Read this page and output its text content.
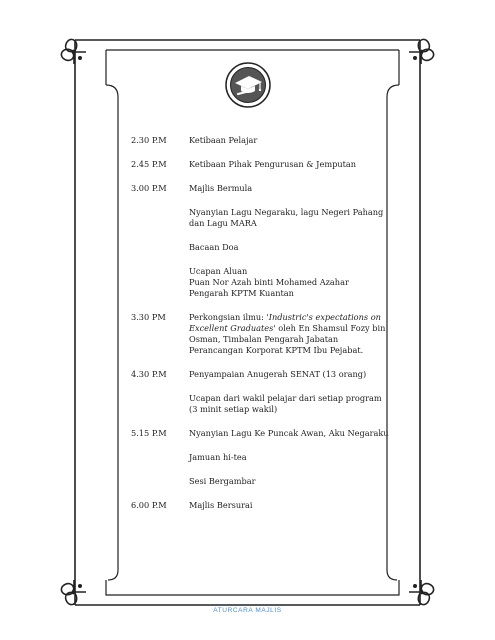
2.30 P.M	Ketibaan Pelajar
2.45 P.M	Ketibaan Pihak Pengurusan & Jemputan
3.00 P.M	Majlis Bermula
Nyanyian Lagu Negaraku, lagu Negeri Pahang
dan Lagu MARA
Bacaan Doa
Ucapan Aluan
Puan Nor Azah binti Mohamed Azahar
Pengarah KPTM Kuantan
3.30 PM	Perkongsian ilmu: 'Industric's expectations on
Excellent Graduates' oleh En Shamsul Fozy bin
Osman, Timbalan Pengarah Jabatan
Perancangan Korporat KPTM Ibu Pejabat.
4.30 P.M	Penyampaian Anugerah SENAT (13 orang)
Ucapan dari wakil pelajar dari setiap program
(3 minit setiap wakil)
5.15 P.M	Nyanyian Lagu Ke Puncak Awan, Aku Negaraku
Jamuan hi-tea
Sesi Bergambar
6.00 P.M	Majlis Bersurai
ATURCARA MAJLIS
